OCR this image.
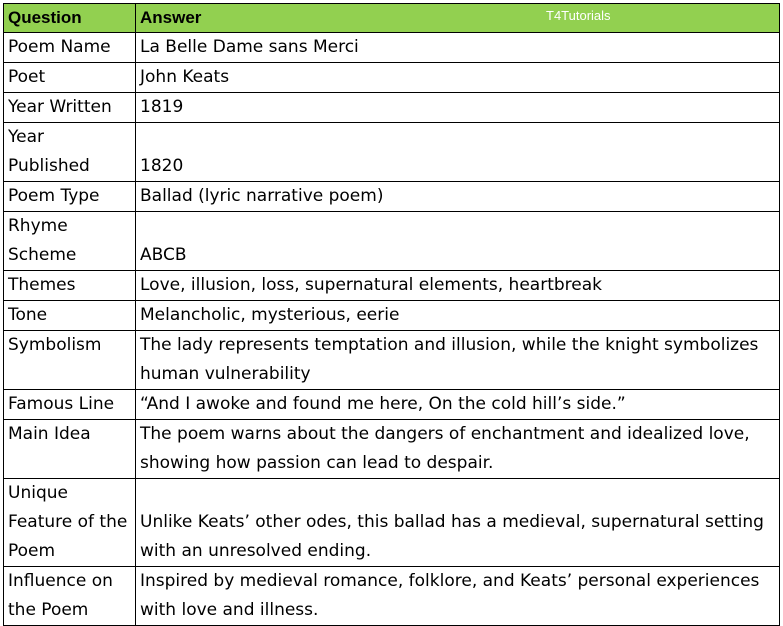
Question	Answer T4Tutorials

Poem Name	La Belle Dame sans Merci
Poet	John Keats
Year Written	1819
Year Published	1820
Poem Type	Ballad (lyric narrative poem)
Rhyme Scheme	ABCB
Themes	Love, illusion, loss, supernatural elements, heartbreak
Tone	Melancholic, mysterious, eerie
Symbolism	The lady represents temptation and illusion, while the knight symbolizes human vulnerability
Famous Line	“And I awoke and found me here, On the cold hill’s side.”
Main Idea	The poem warns about the dangers of enchantment and idealized love, showing how passion can lead to despair.
Unique Feature of the Poem	Unlike Keats’ other odes, this ballad has a medieval, supernatural setting with an unresolved ending.
Influence on the Poem	Inspired by medieval romance, folklore, and Keats’ personal experiences with love and illness.
